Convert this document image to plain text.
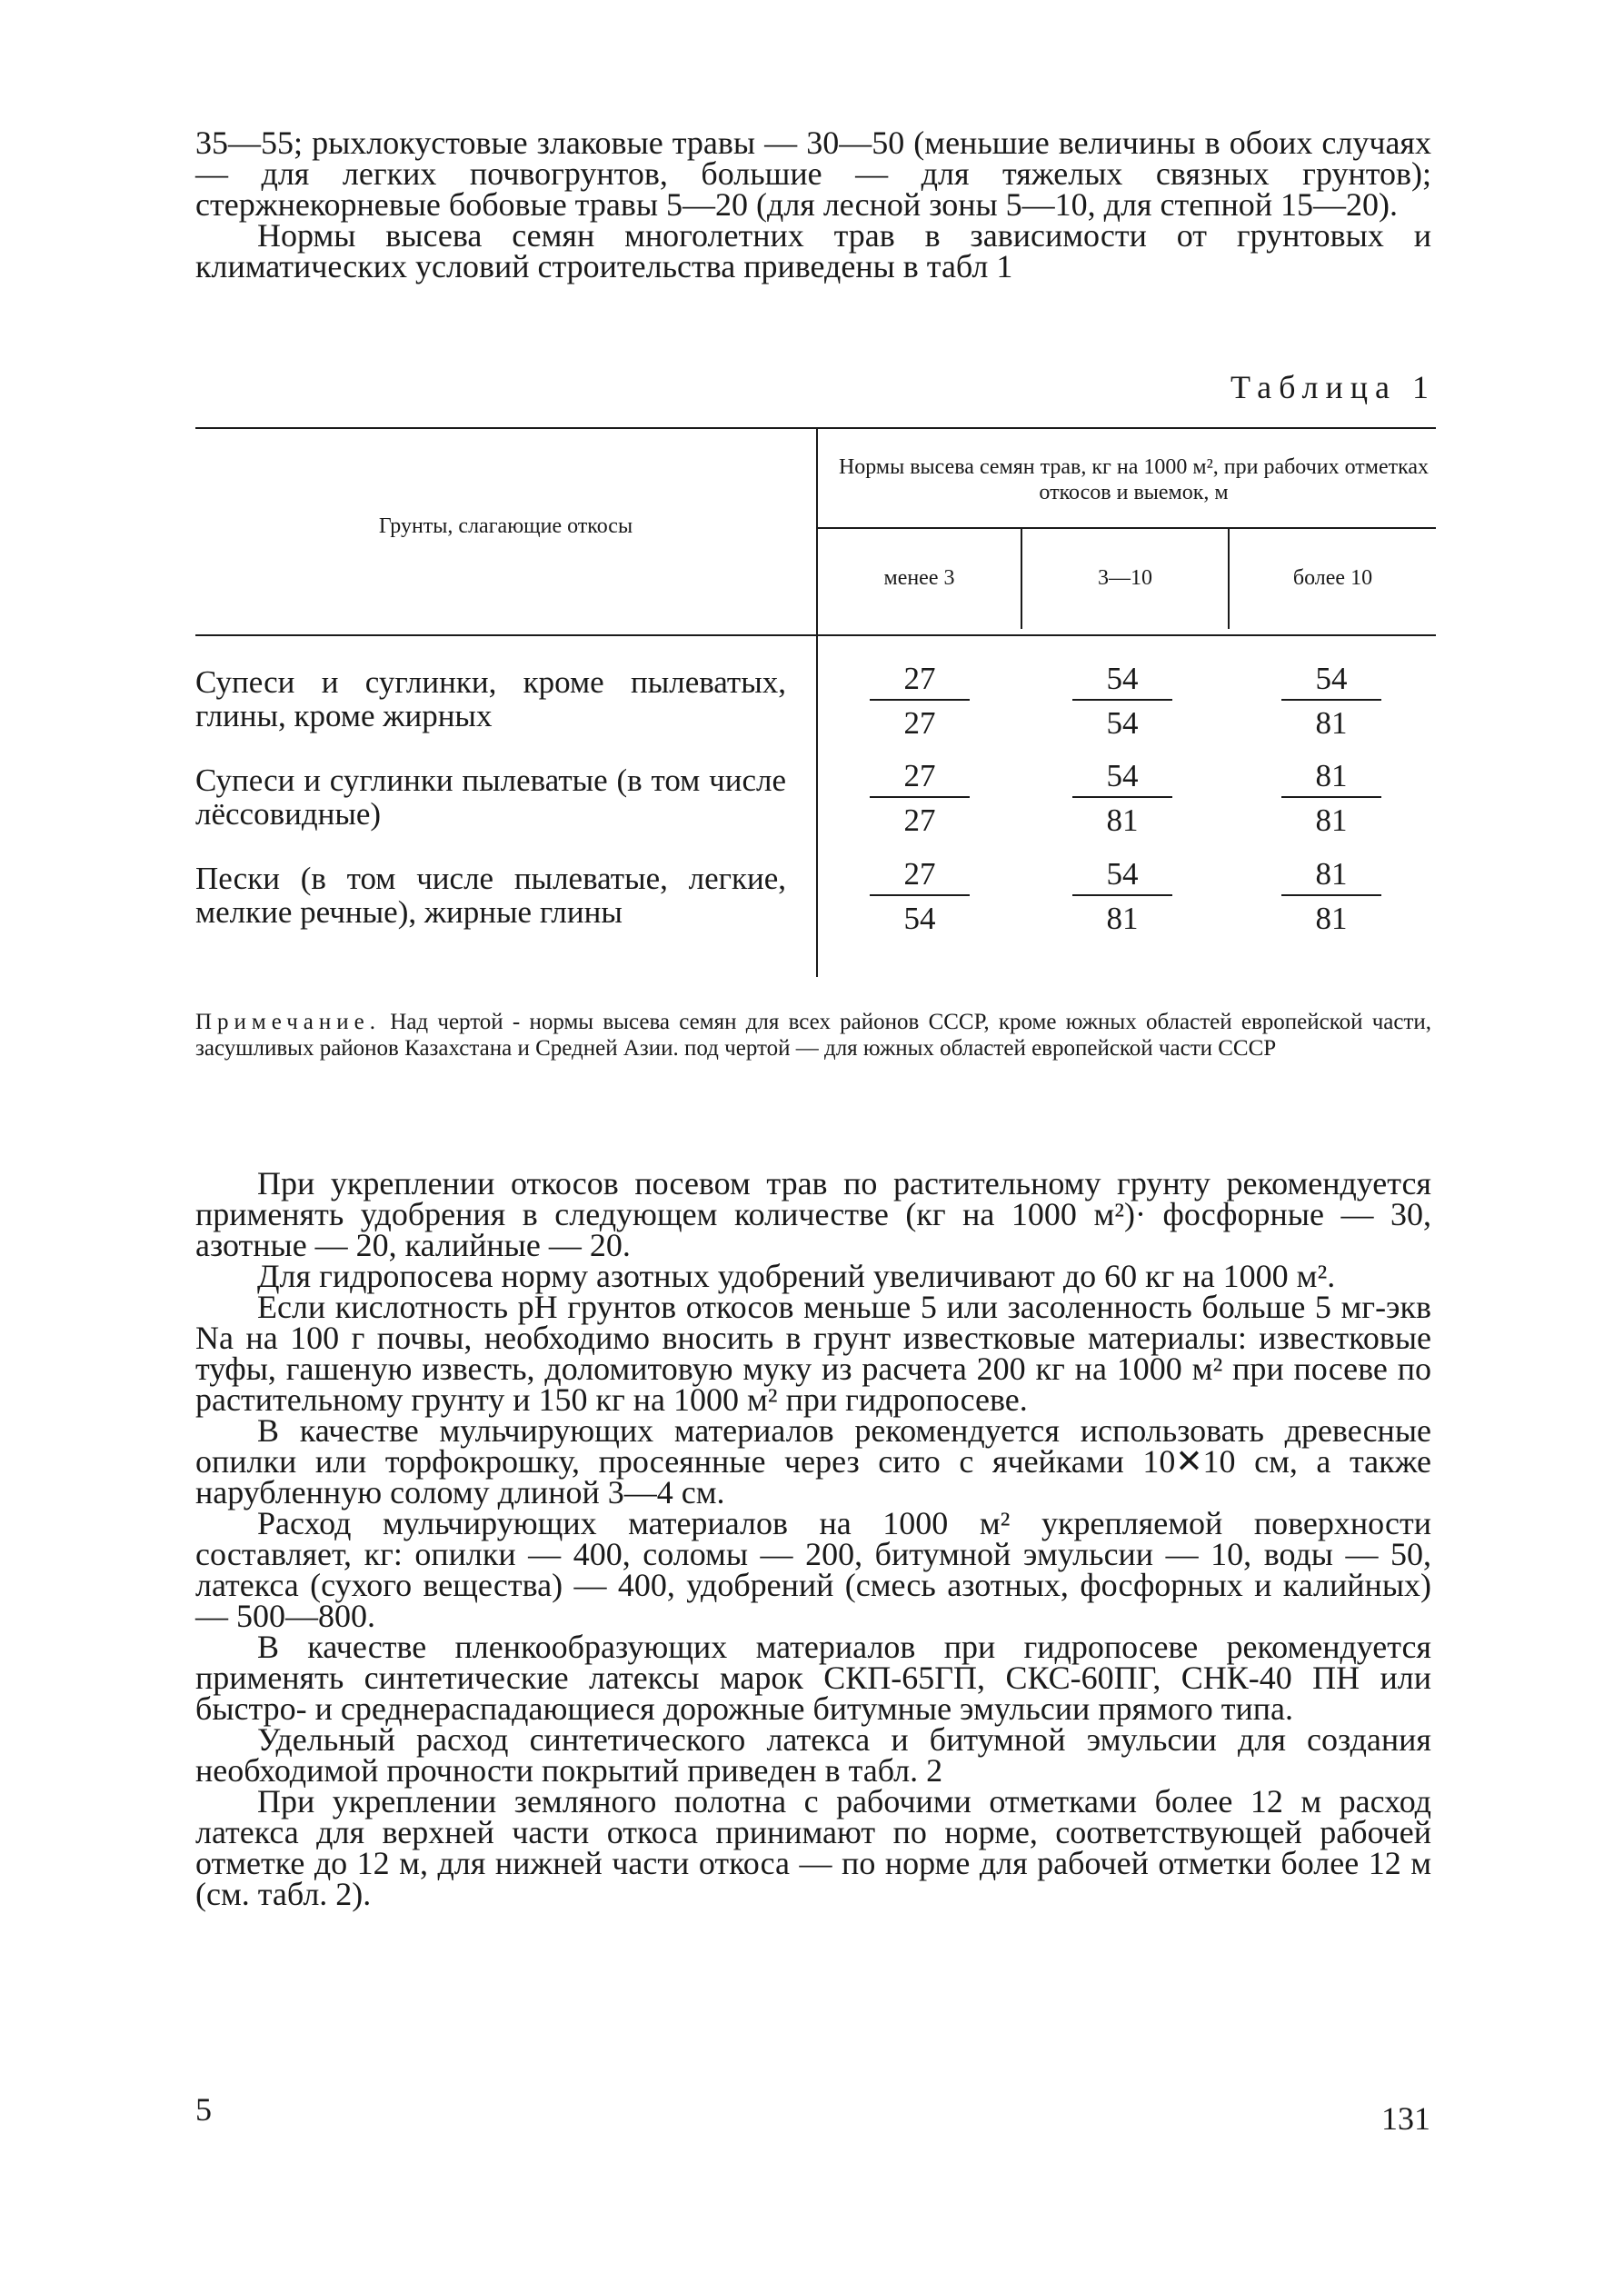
35—55; рыхлокустовые злаковые травы — 30—50 (меньшие величины в обоих случаях — для легких почвогрунтов, большие — для тяжелых связных грунтов); стержнекорневые бобовые травы 5—20 (для лесной зоны 5—10, для степной 15—20).

Нормы высева семян многолетних трав в зависимости от грунтовых и климатических условий строительства приведены в табл 1

Таблица 1
Грунты, слагающие откосы
Нормы высева семян трав, кг на 1000 м², при рабочих отметках откосов и выемок, м
менее 3	3—10	более 10
Супеси и суглинки, кроме пылеватых, глины, кроме жирных	$\frac{27}{27}$	$\frac{54}{54}$	$\frac{54}{81}$
Супеси и суглинки пылеватые (в том числе лёссовидные)	$\frac{27}{27}$	$\frac{54}{81}$	$\frac{81}{81}$
Пески (в том числе пылеватые, легкие, мелкие речные), жирные глины	$\frac{27}{54}$	$\frac{54}{81}$	$\frac{81}{81}$
Примечание. Над чертой - нормы высева семян для всех районов СССР, кроме южных областей европейской части, засушливых районов Казахстана и Средней Азии. под чертой — для южных областей европейской части СССР

При укреплении откосов посевом трав по растительному грунту рекомендуется применять удобрения в следующем количестве (кг на 1000 м²)· фосфорные — 30, азотные — 20, калийные — 20.

Для гидропосева норму азотных удобрений увеличивают до 60 кг на 1000 м².

Если кислотность pH грунтов откосов меньше 5 или засоленность больше 5 мг-экв Na на 100 г почвы, необходимо вносить в грунт известковые материалы: известковые туфы, гашеную известь, доломитовую муку из расчета 200 кг на 1000 м² при посеве по растительному грунту и 150 кг на 1000 м² при гидропосеве.

В качестве мульчирующих материалов рекомендуется использовать древесные опилки или торфокрошку, просеянные через сито с ячейками 10✕10 см, а также нарубленную солому длиной 3—4 см.

Расход мульчирующих материалов на 1000 м² укрепляемой поверхности составляет, кг: опилки — 400, соломы — 200, битумной эмульсии — 10, воды — 50, латекса (сухого вещества) — 400, удобрений (смесь азотных, фосфорных и калийных) — 500—800.

В качестве пленкообразующих материалов при гидропосеве рекомендуется применять синтетические латексы марок СКП-65ГП, СКС-60ПГ, СНК-40 ПН или быстро- и среднераспадающиеся дорожные битумные эмульсии прямого типа.

Удельный расход синтетического латекса и битумной эмульсии для создания необходимой прочности покрытий приведен в табл. 2

При укреплении земляного полотна с рабочими отметками более 12 м расход латекса для верхней части откоса принимают по норме, соответствующей рабочей отметке до 12 м, для нижней части откоса — по норме для рабочей отметки более 12 м (см. табл. 2).

5	131
